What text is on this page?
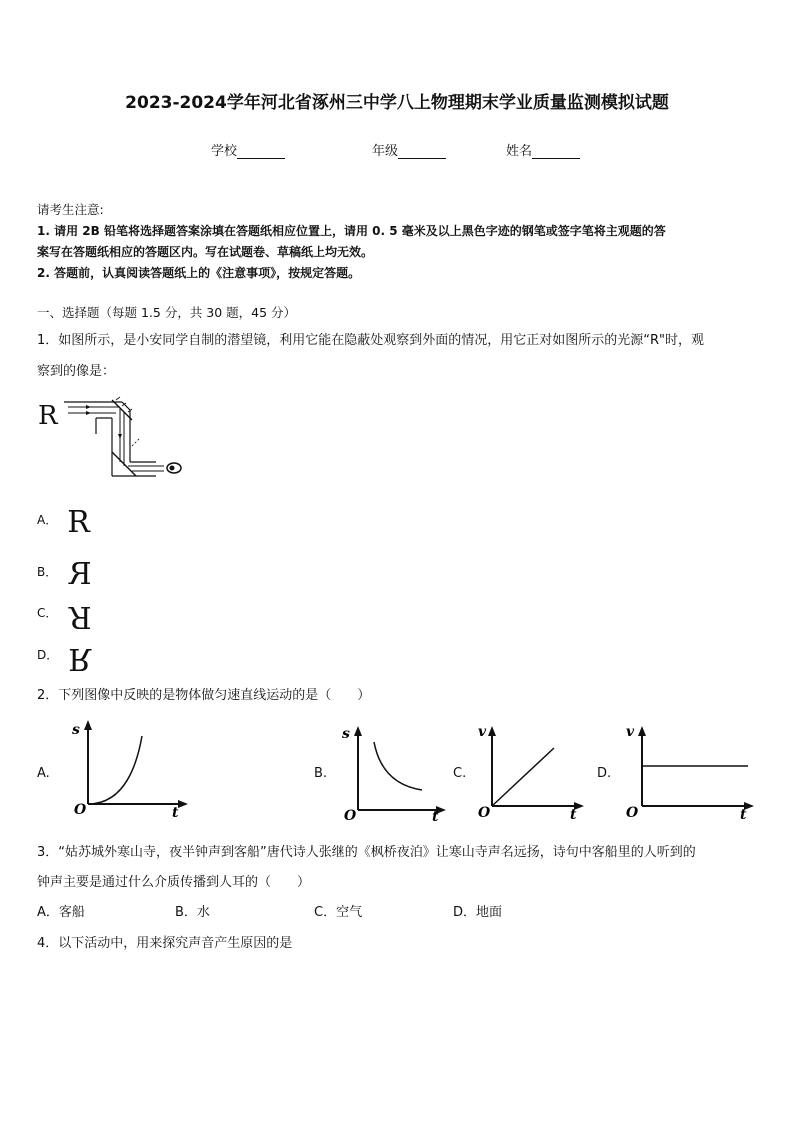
2023-2024学年河北省涿州三中学八上物理期末学业质量监测模拟试题
学校	年级	姓名
请考生注意:
1. 请用 2B 铅笔将选择题答案涂填在答题纸相应位置上，请用 0. 5 毫米及以上黑色字迹的钢笔或签字笔将主观题的答
案写在答题纸相应的答题区内。写在试题卷、草稿纸上均无效。
2. 答题前，认真阅读答题纸上的《注意事项》，按规定答题。
一、选择题（每题 1.5 分，共 30 题，45 分）
1．如图所示，是小安同学自制的潜望镜，利用它能在隐蔽处观察到外面的情况，用它正对如图所示的光源“R"时，观
察到的像是：
R
$^{A.}$ R
$^{B.}$ R
$^{C.}$ R
$^{D.}$ R
2．下列图像中反映的是物体做匀速直线运动的是（　　）
A.
s
t
O
B.
s
t
O
C.
v
t
O
D.
v
t
O
3．“姑苏城外寒山寺，夜半钟声到客船”唐代诗人张继的《枫桥夜泊》让寒山寺声名远扬，诗句中客船里的人听到的
钟声主要是通过什么介质传播到人耳的（　　）
A．客船	B．水	C．空气	D．地面
4．以下活动中，用来探究声音产生原因的是
